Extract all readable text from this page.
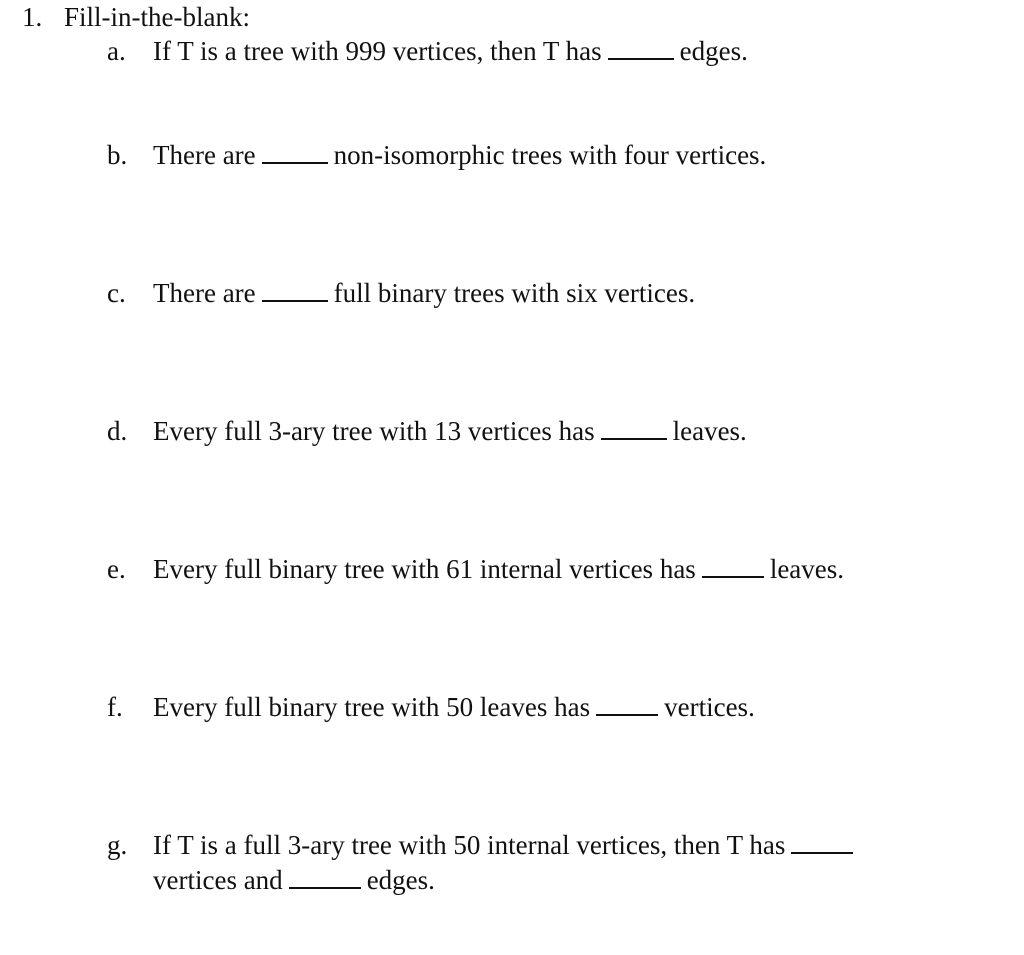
1. Fill-in-the-blank:
a. If T is a tree with 999 vertices, then T has	edges.
b. There are	non-isomorphic trees with four vertices.
c. There are	full binary trees with six vertices.
d. Every full 3-ary tree with 13 vertices has	leaves.
e. Every full binary tree with 61 internal vertices has	leaves.
f. Every full binary tree with 50 leaves has	vertices.
g. If T is a full 3-ary tree with 50 internal vertices, then T has
vertices and	edges.
